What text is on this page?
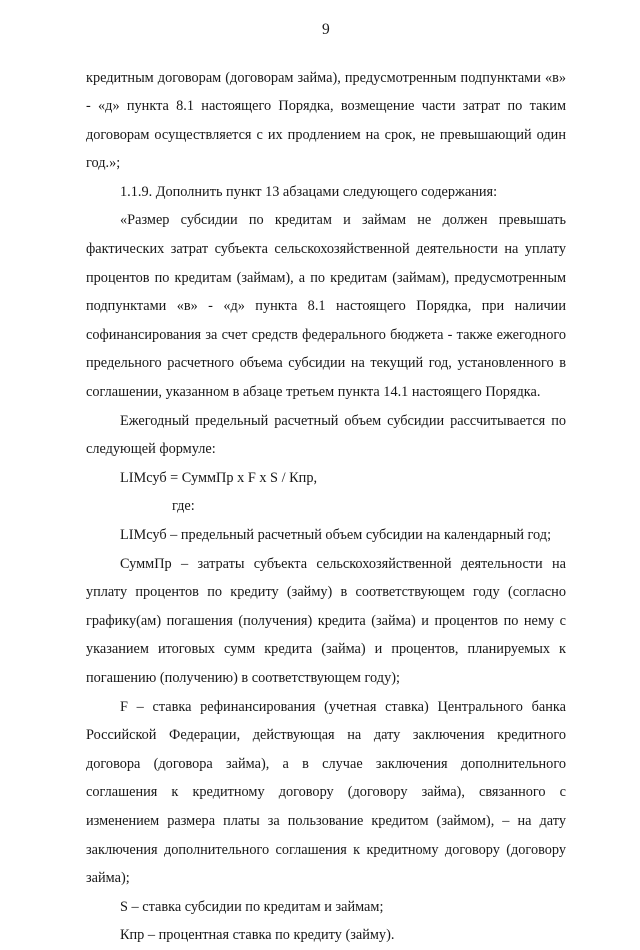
9

кредитным договорам (договорам займа), предусмотренным подпунктами «в» - «д» пункта 8.1 настоящего Порядка, возмещение части затрат по таким договорам осуществляется с их продлением на срок, не превышающий один год.»;

1.1.9. Дополнить пункт 13 абзацами следующего содержания:

«Размер субсидии по кредитам и займам не должен превышать фактических затрат субъекта сельскохозяйственной деятельности на уплату процентов по кредитам (займам), а по кредитам (займам), предусмотренным подпунктами «в» - «д» пункта 8.1 настоящего Порядка, при наличии софинансирования за счет средств федерального бюджета - также ежегодного предельного расчетного объема субсидии на текущий год, установленного в соглашении, указанном в абзаце третьем пункта 14.1 настоящего Порядка.

Ежегодный предельный расчетный объем субсидии рассчитывается по следующей формуле:

LIMсуб = СуммПр х F х S / Кпр,

где:

LIMсуб – предельный расчетный объем субсидии на календарный год;

СуммПр – затраты субъекта сельскохозяйственной деятельности на уплату процентов по кредиту (займу) в соответствующем году (согласно графику(ам) погашения (получения) кредита (займа) и процентов по нему с указанием итоговых сумм кредита (займа) и процентов, планируемых к погашению (получению) в соответствующем году);

F – ставка рефинансирования (учетная ставка) Центрального банка Российской Федерации, действующая на дату заключения кредитного договора (договора займа), а в случае заключения дополнительного соглашения к кредитному договору (договору займа), связанного с изменением размера платы за пользование кредитом (займом), – на дату заключения дополнительного соглашения к кредитному договору (договору займа);

S – ставка субсидии по кредитам и займам;

Кпр – процентная ставка по кредиту (займу).
